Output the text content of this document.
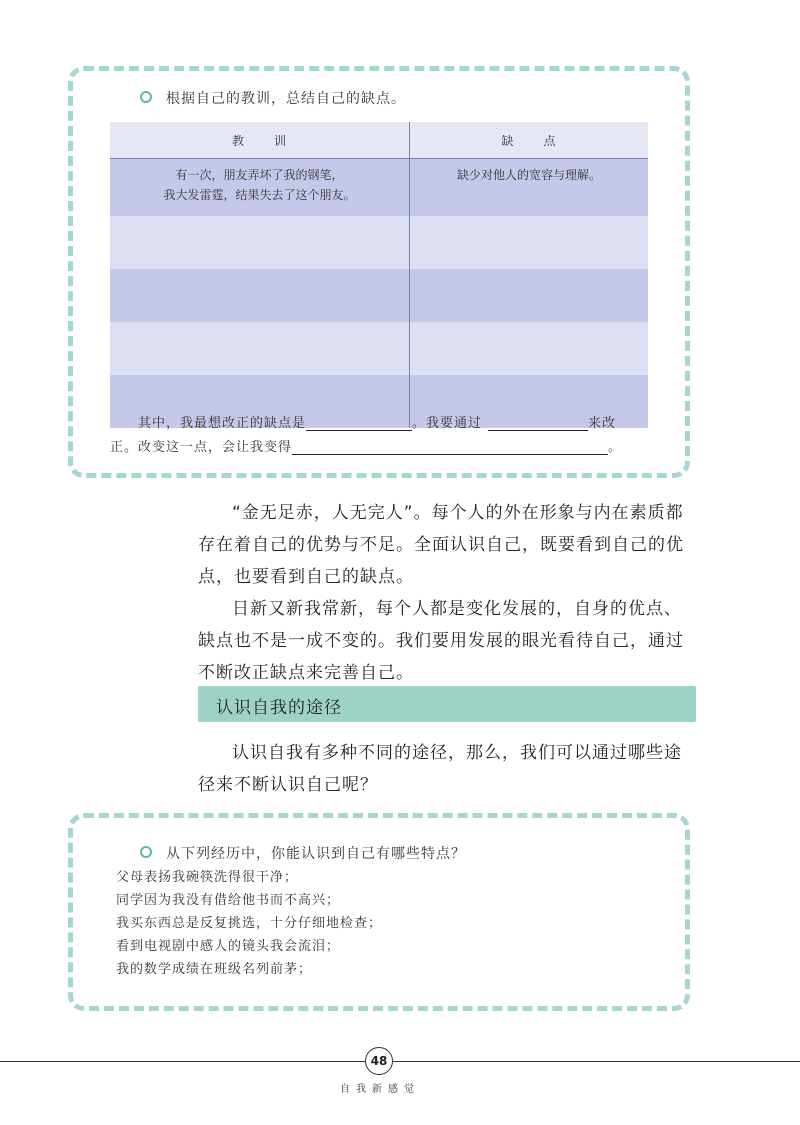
根据自己的教训，总结自己的缺点。
教训	缺点
有一次，朋友弄坏了我的钢笔，
我大发雷霆，结果失去了这个朋友。	缺少对他人的宽容与理解。

其中，我最想改正的缺点是	。我要通过	来改
正。改变这一点，会让我变得	。
“金无足赤，人无完人”。每个人的外在形象与内在素质都存在着自己的优势与不足。全面认识自己，既要看到自己的优点，也要看到自己的缺点。
日新又新我常新，每个人都是变化发展的，自身的优点、缺点也不是一成不变的。我们要用发展的眼光看待自己，通过不断改正缺点来完善自己。
认识自我的途径
认识自我有多种不同的途径，那么，我们可以通过哪些途径来不断认识自己呢？
从下列经历中，你能认识到自己有哪些特点？
父母表扬我碗筷洗得很干净；
同学因为我没有借给他书而不高兴；
我买东西总是反复挑选，十分仔细地检查；
看到电视剧中感人的镜头我会流泪；
我的数学成绩在班级名列前茅；
48
自我新感觉
